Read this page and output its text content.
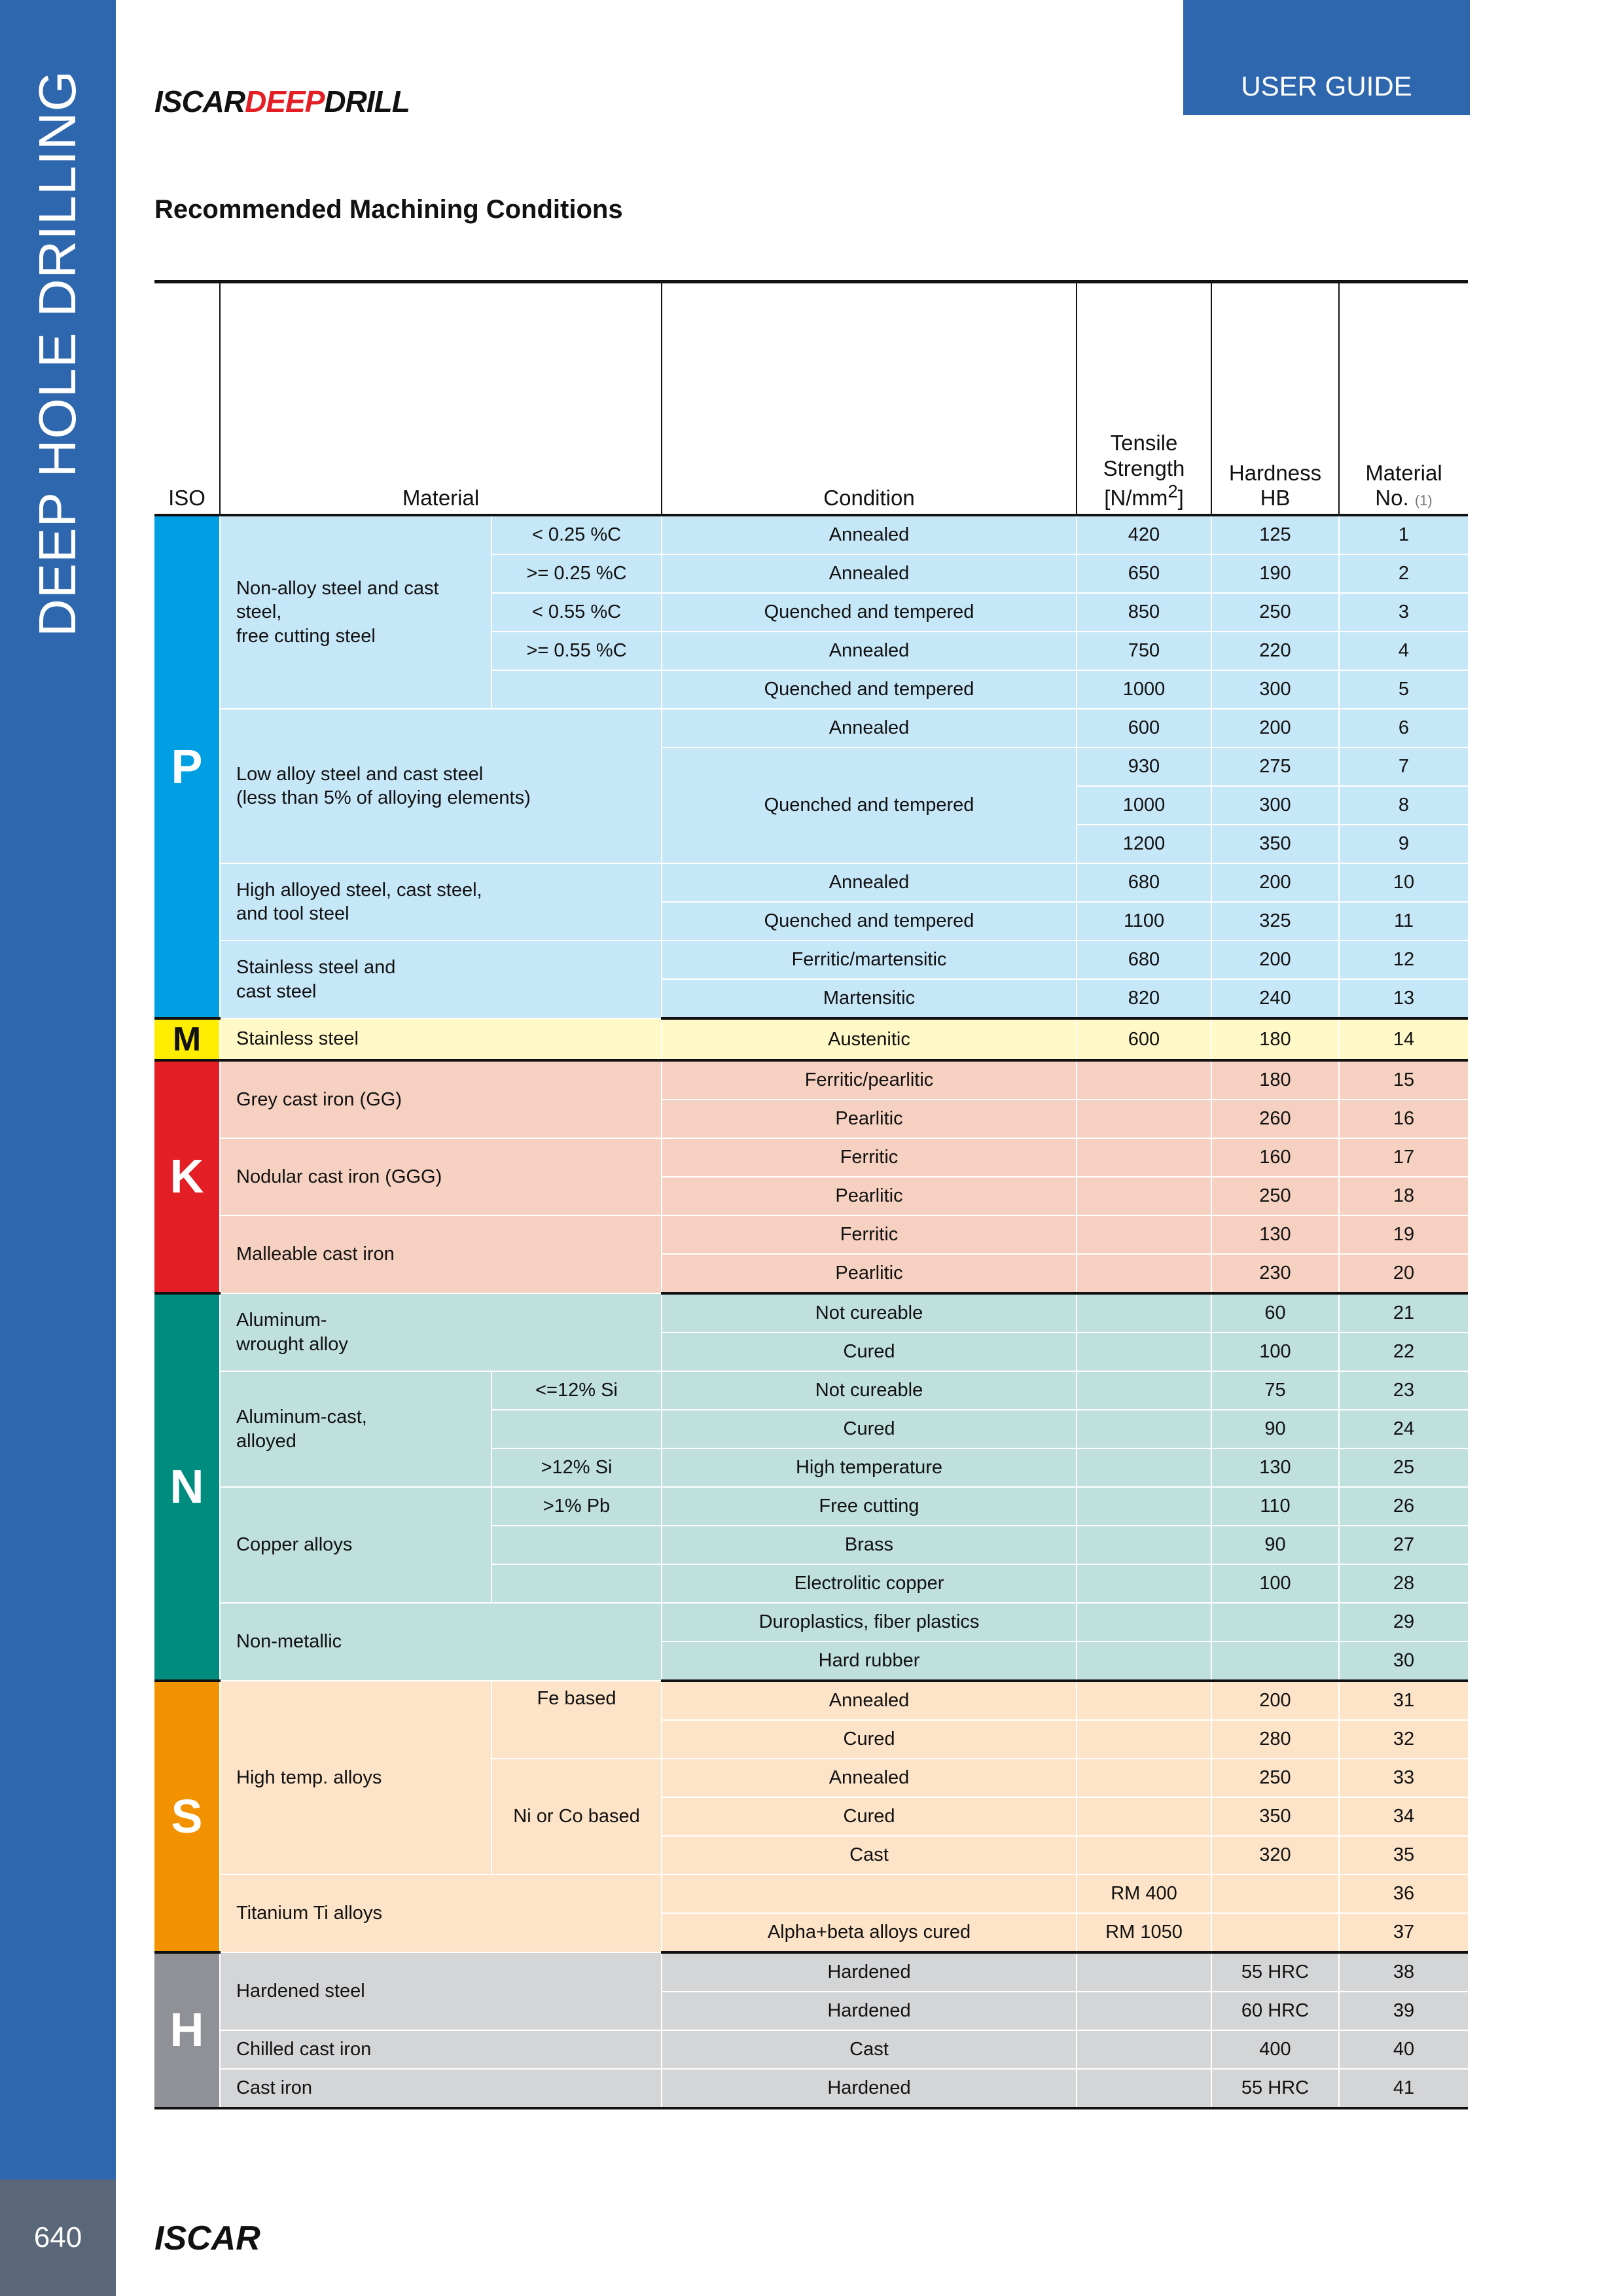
DEEP HOLE DRILLING
640
USER GUIDE
ISCARDEEPDRILL
Recommended Machining Conditions
ISO	Material		Condition	Tensile
Strength
$[N/mm^2]$	Hardness
HB	Material
No. (1)
P	Non-alloy steel and cast steel,
free cutting steel	< 0.25 %C	Annealed	420	125	1
		>= 0.25 %C	Annealed	650	190	2
		< 0.55 %C	Quenched and tempered	850	250	3
		>= 0.55 %C	Annealed	750	220	4
			Quenched and tempered	1000	300	5
	Low alloy steel and cast steel
(less than 5% of alloying elements)		Annealed	600	200	6
			Quenched and tempered	930	275	7
				1000	300	8
				1200	350	9
	High alloyed steel, cast steel,
and tool steel		Annealed	680	200	10
			Quenched and tempered	1100	325	11
	Stainless steel and
cast steel		Ferritic/martensitic	680	200	12
			Martensitic	820	240	13
M	Stainless steel		Austenitic	600	180	14
K	Grey cast iron (GG)		Ferritic/pearlitic		180	15
			Pearlitic		260	16
	Nodular cast iron (GGG)		Ferritic		160	17
			Pearlitic		250	18
	Malleable cast iron		Ferritic		130	19
			Pearlitic		230	20
N	Aluminum-
wrought alloy		Not cureable		60	21
			Cured		100	22
	Aluminum-cast,
alloyed	<=12% Si	Not cureable		75	23
			Cured		90	24
		>12% Si	High temperature		130	25
	Copper alloys	>1% Pb	Free cutting		110	26
			Brass		90	27
			Electrolitic copper		100	28
	Non-metallic		Duroplastics, fiber plastics			29
			Hard rubber			30
S	High temp. alloys	Fe based	Annealed		200	31
			Cured		280	32
		Ni or Co based	Annealed		250	33
			Cured		350	34
			Cast		320	35
	Titanium Ti alloys			RM 400		36
			Alpha+beta alloys cured	RM 1050		37
H	Hardened steel		Hardened		55 HRC	38
			Hardened		60 HRC	39
	Chilled cast iron		Cast		400	40
	Cast iron		Hardened		55 HRC	41
ISCAR
